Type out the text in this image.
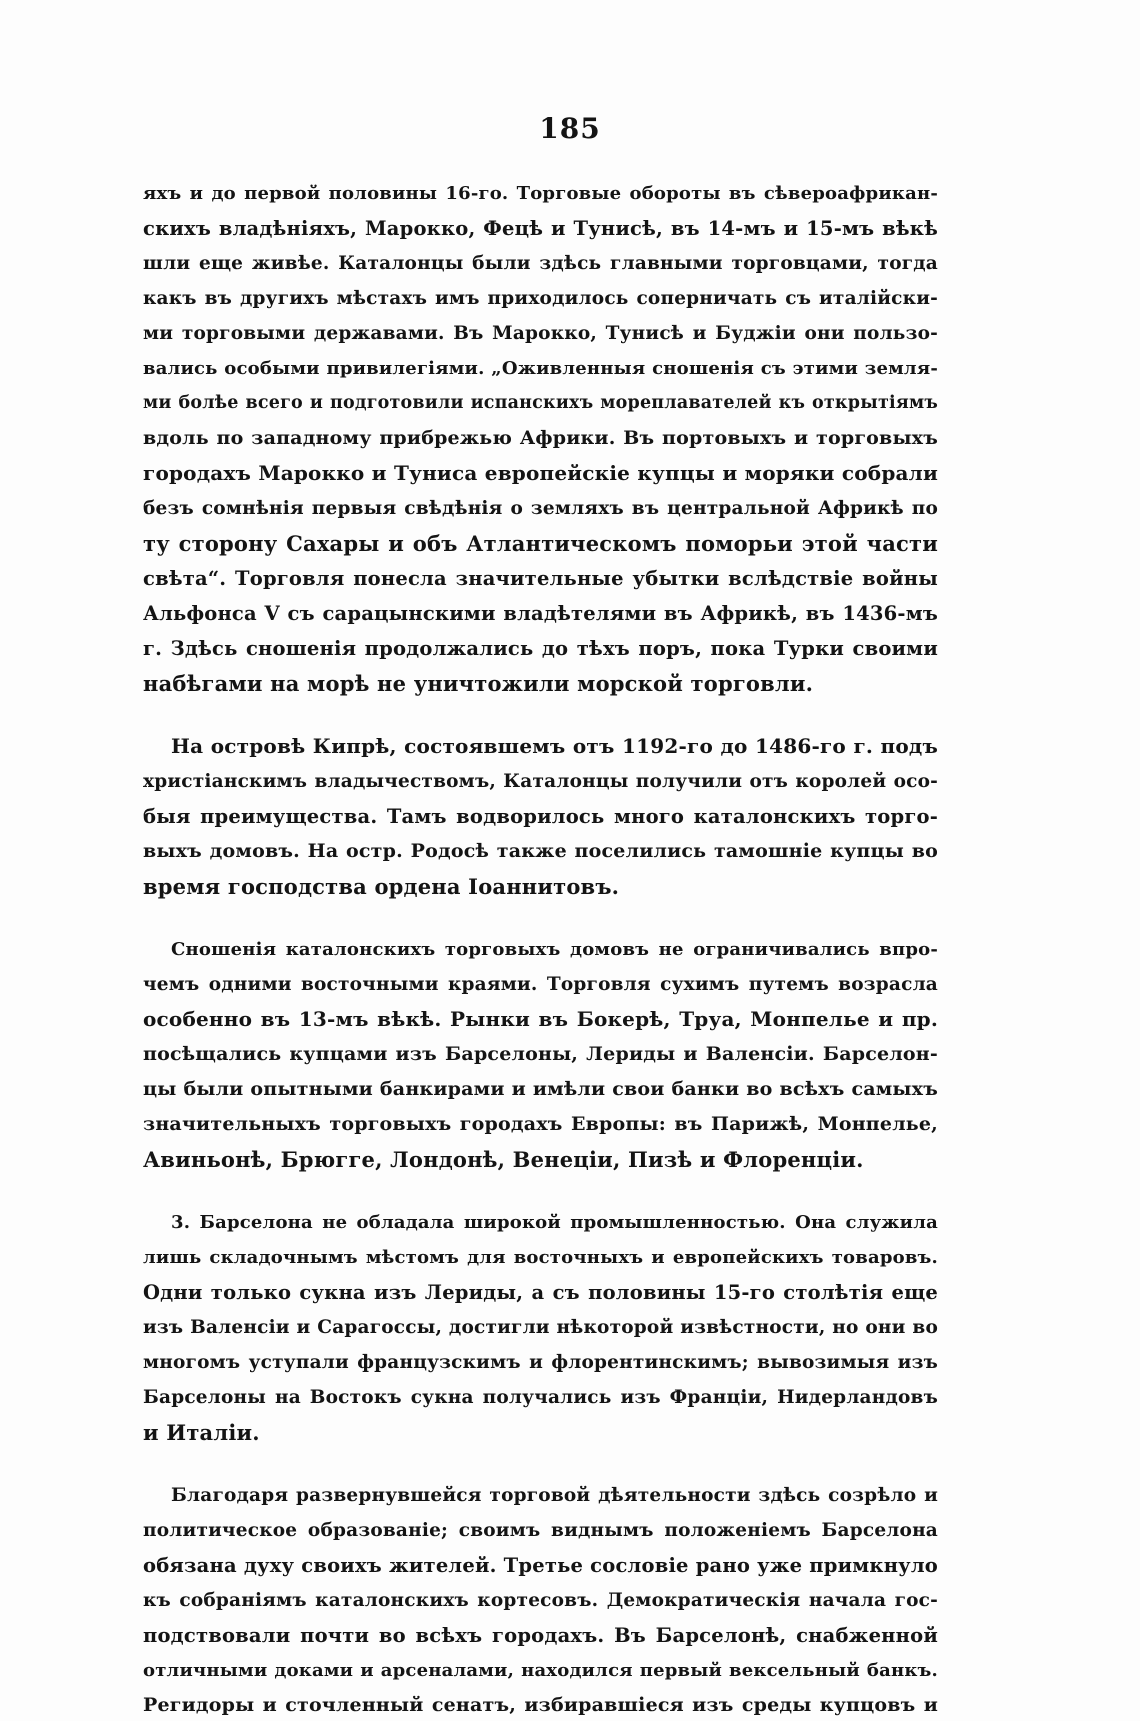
185
яхъ и до первой половины 16-го. Торговые обороты въ сѣвероафрикан-
скихъ владѣніяхъ, Марокко, Фецѣ и Тунисѣ, въ 14-мъ и 15-мъ вѣкѣ
шли еще живѣе. Каталонцы были здѣсь главными торговцами, тогда
какъ въ другихъ мѣстахъ имъ приходилось соперничать съ италійски-
ми торговыми державами. Въ Марокко, Тунисѣ и Буджіи они пользо-
вались особыми привилегіями. „Оживленныя сношенія съ этими земля-
ми болѣе всего и подготовили испанскихъ мореплавателей къ открытіямъ
вдоль по западному прибрежью Африки. Въ портовыхъ и торговыхъ
городахъ Марокко и Туниса европейскіе купцы и моряки собрали
безъ сомнѣнія первыя свѣдѣнія о земляхъ въ центральной Африкѣ по
ту сторону Сахары и объ Атлантическомъ поморьи этой части
свѣта“. Торговля понесла значительные убытки вслѣдствіе войны
Альфонса V съ сарацынскими владѣтелями въ Африкѣ, въ 1436-мъ
г. Здѣсь сношенія продолжались до тѣхъ поръ, пока Турки своими
набѣгами на морѣ не уничтожили морской торговли.
На островѣ Кипрѣ, состоявшемъ отъ 1192-го до 1486-го г. подъ
христіанскимъ владычествомъ, Каталонцы получили отъ королей осо-
быя преимущества. Тамъ водворилось много каталонскихъ торго-
выхъ домовъ. На остр. Родосѣ также поселились тамошніе купцы во
время господства ордена Іоаннитовъ.
Сношенія каталонскихъ торговыхъ домовъ не ограничивались впро-
чемъ одними восточными краями. Торговля сухимъ путемъ возрасла
особенно въ 13-мъ вѣкѣ. Рынки въ Бокерѣ, Труа, Монпелье и пр.
посѣщались купцами изъ Барселоны, Лериды и Валенсіи. Барселон-
цы были опытными банкирами и имѣли свои банки во всѣхъ самыхъ
значительныхъ торговыхъ городахъ Европы: въ Парижѣ, Монпелье,
Авиньонѣ, Брюгге, Лондонѣ, Венеціи, Пизѣ и Флоренціи.
3. Барселона не обладала широкой промышленностью. Она служила
лишь складочнымъ мѣстомъ для восточныхъ и европейскихъ товаровъ.
Одни только сукна изъ Лериды, а съ половины 15-го столѣтія еще
изъ Валенсіи и Сарагоссы, достигли нѣкоторой извѣстности, но они во
многомъ уступали французскимъ и флорентинскимъ; вывозимыя изъ
Барселоны на Востокъ сукна получались изъ Франціи, Нидерландовъ
и Италіи.
Благодаря развернувшейся торговой дѣятельности здѣсь созрѣло и
политическое образованіе; своимъ виднымъ положеніемъ Барселона
обязана духу своихъ жителей. Третье сословіе рано уже примкнуло
къ собраніямъ каталонскихъ кортесовъ. Демократическія начала гос-
подствовали почти во всѣхъ городахъ. Въ Барселонѣ, снабженной
отличными доками и арсеналами, находился первый вексельный банкъ.
Регидоры и сточленный сенатъ, избиравшіеся изъ среды купцовъ и
